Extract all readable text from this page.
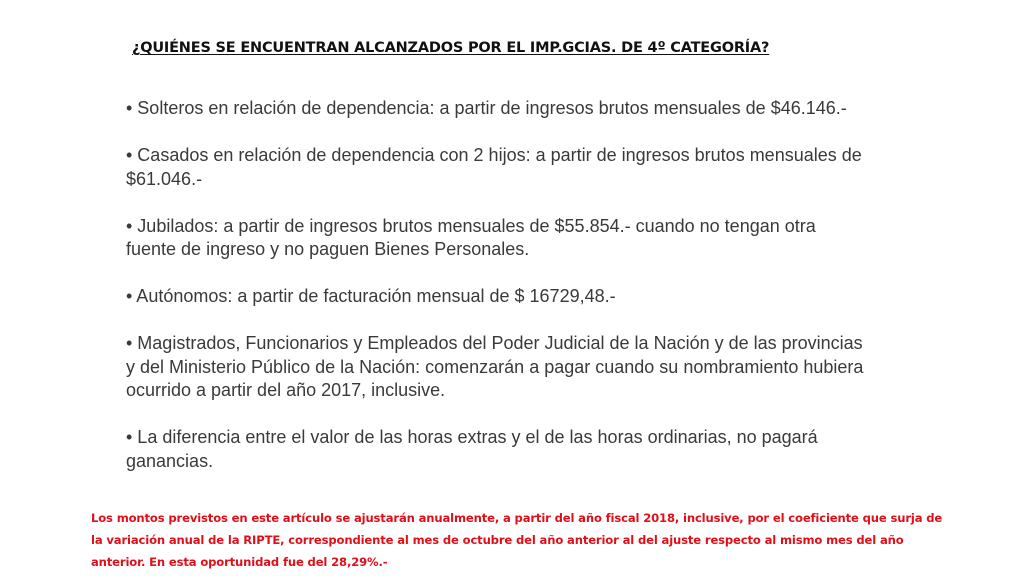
¿QUIÉNES SE ENCUENTRAN ALCANZADOS POR EL IMP.GCIAS. DE 4º CATEGORÍA?

• Solteros en relación de dependencia: a partir de ingresos brutos mensuales de $46.146.-

• Casados en relación de dependencia con 2 hijos: a partir de ingresos brutos mensuales de $61.046.-

• Jubilados: a partir de ingresos brutos mensuales de $55.854.- cuando no tengan otra fuente de ingreso y no paguen Bienes Personales.

• Autónomos: a partir de facturación mensual de $ 16729,48.-

• Magistrados, Funcionarios y Empleados del Poder Judicial de la Nación y de las provincias y del Ministerio Público de la Nación: comenzarán a pagar cuando su nombramiento hubiera ocurrido a partir del año 2017, inclusive.

• La diferencia entre el valor de las horas extras y el de las horas ordinarias, no pagará ganancias.

Los montos previstos en este artículo se ajustarán anualmente, a partir del año fiscal 2018, inclusive, por el coeficiente que surja de la variación anual de la RIPTE, correspondiente al mes de octubre del año anterior al del ajuste respecto al mismo mes del año anterior. En esta oportunidad fue del 28,29%.-
